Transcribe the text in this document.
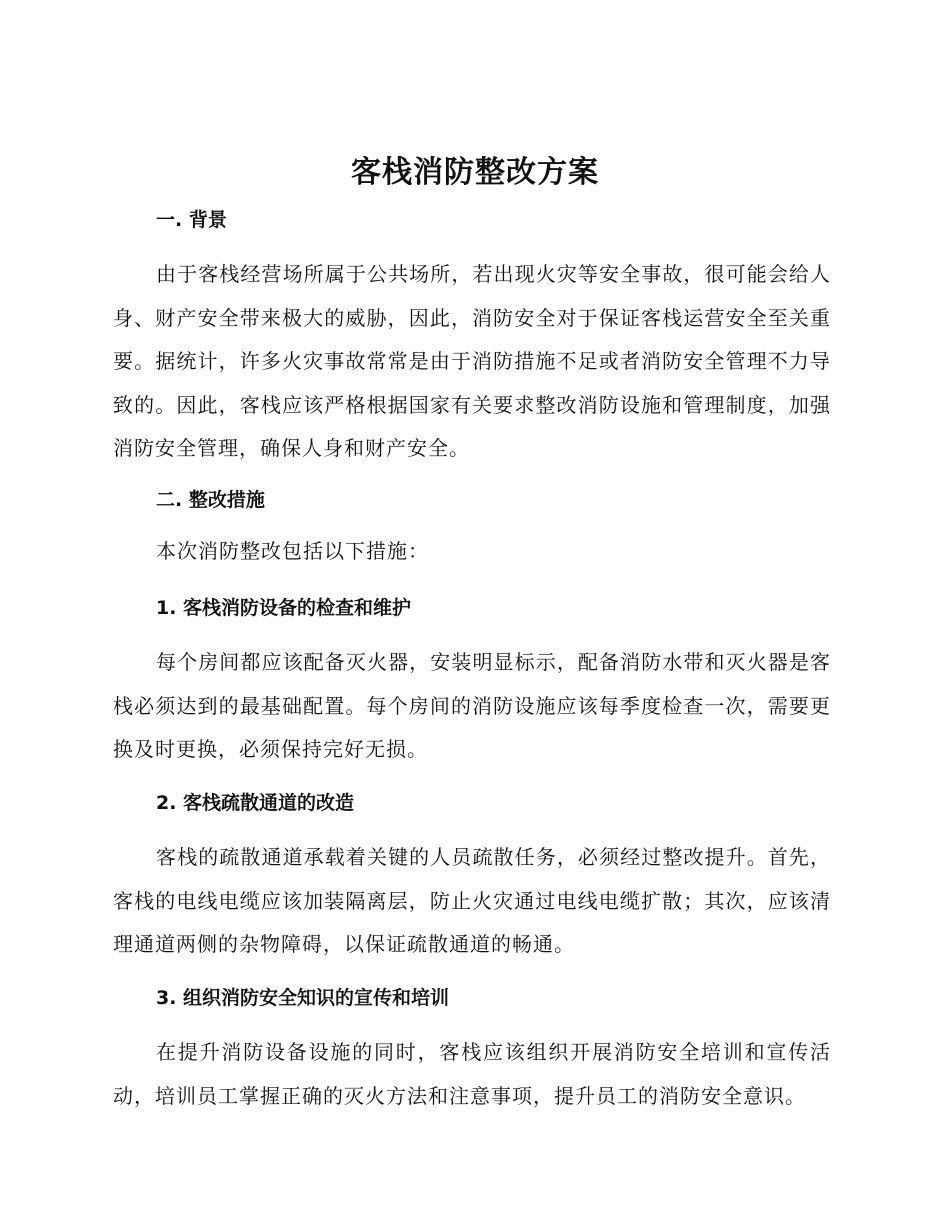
客栈消防整改方案
一. 背景

由于客栈经营场所属于公共场所，若出现火灾等安全事故，很可能会给人身、财产安全带来极大的威胁，因此，消防安全对于保证客栈运营安全至关重要。据统计，许多火灾事故常常是由于消防措施不足或者消防安全管理不力导致的。因此，客栈应该严格根据国家有关要求整改消防设施和管理制度，加强消防安全管理，确保人身和财产安全。

二. 整改措施

本次消防整改包括以下措施：

1. 客栈消防设备的检查和维护

每个房间都应该配备灭火器，安装明显标示，配备消防水带和灭火器是客栈必须达到的最基础配置。每个房间的消防设施应该每季度检查一次，需要更换及时更换，必须保持完好无损。

2. 客栈疏散通道的改造

客栈的疏散通道承载着关键的人员疏散任务，必须经过整改提升。首先，客栈的电线电缆应该加装隔离层，防止火灾通过电线电缆扩散；其次，应该清理通道两侧的杂物障碍，以保证疏散通道的畅通。

3. 组织消防安全知识的宣传和培训

在提升消防设备设施的同时，客栈应该组织开展消防安全培训和宣传活动，培训员工掌握正确的灭火方法和注意事项，提升员工的消防安全意识。
